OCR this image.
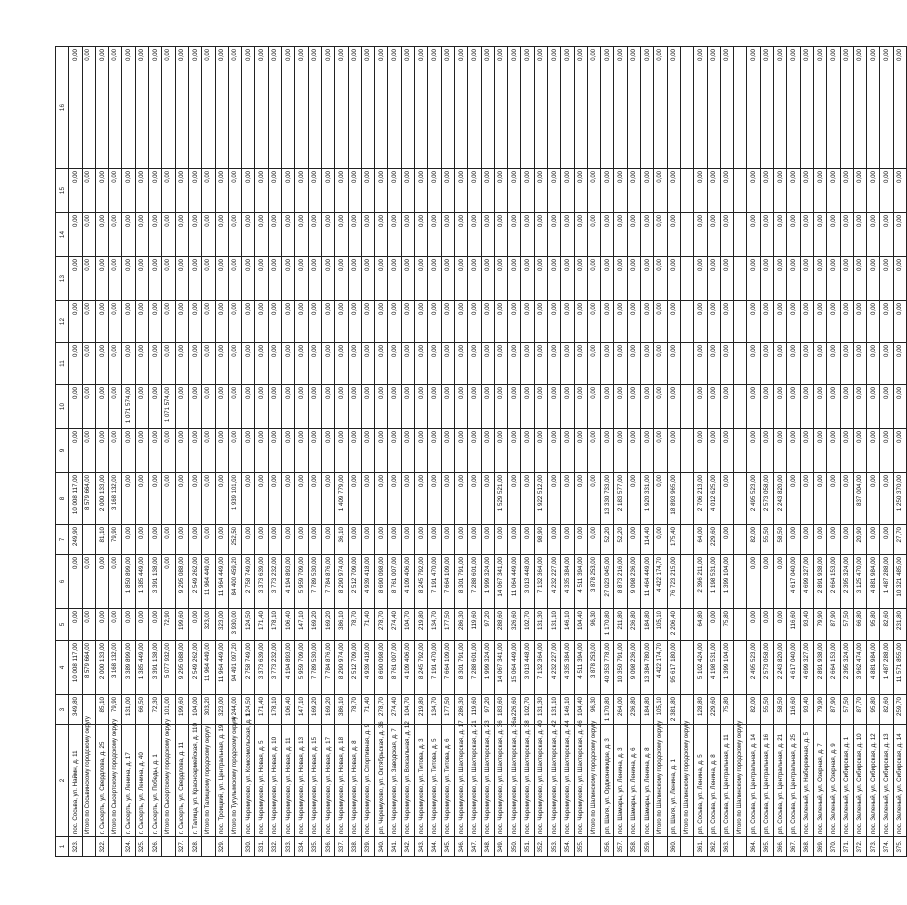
1	2	3	4	5	6	7	8	9	10	11	12	13	14	15	16
323.	пос. Сосьва, ул. Наймн, д. 11	349,80	10 008 117,00	0,00	0,00	249,90	10 008 117,00	0,00	0,00	0,00	0,00	0,00	0,00	0,00	0,00
	Итого по Сосьвинскому городскому округу		8 579 664,00	0,00	0,00		8 579 664,00	0,00	0,00	0,00	0,00	0,00	0,00	0,00	0,00
322.	г. Сысерть, ул. Свердлова, д. 25	85,10	2 000 133,00	0,00	0,00	81,10	2 000 133,00	0,00	0,00	0,00	0,00	0,00	0,00	0,00	0,00
	Итого по Сысертскому городскому округу	79,90	3 168 132,00	0,00	0,00	79,90	3 168 132,00	0,00	0,00	0,00	0,00	0,00	0,00	0,00	0,00
324.	г. Сысерть, ул. Ленина, д. 17	131,00	3 389 899,00	0,00	1 850 899,00	0,00	0,00	0,00	1 071 574,00	0,00	0,00	0,00	0,00	0,00	0,00
325.	г. Сысерть, ул. Ленина, д. 40	66,50	1 385 449,00	0,00	1 385 449,00	0,00	0,00	0,00	0,00	0,00	0,00	0,00	0,00	0,00	0,00
326.	г. Сысерть, ул. Победы, д. 1	72,30	3 391 138,00	0,00	3 391 138,00	0,00	0,00	0,00	0,00	0,00	0,00	0,00	0,00	0,00	0,00
	Итого по Сысертскому городскому округу	101,00	5 077 932,00	72,90	0,00	0,00	0,00	0,00	1 071 574,00	0,00	0,00	0,00	0,00	0,00	0,00
327.	г. Сысерть, ул. Свердлова, д. 11	199,60	9 295 088,00	199,60	9 295 088,00	0,00	0,00	0,00	0,00	0,00	0,00	0,00	0,00	0,00	0,00
328.	г. Талица, ул. Красноармейская, д. 110	104,00	2 549 262,00	0,00	2 549 262,00	0,00	0,00	0,00	0,00	0,00	0,00	0,00	0,00	0,00	0,00
	Итого по Талицкому городскому округу	303,20	11 964 449,00	323,00	11 964 449,00	0,00	0,00	0,00	0,00	0,00	0,00	0,00	0,00	0,00	0,00
329.	пос. Троицкий, ул. Центральная, д. 19	323,00	11 964 449,00	323,00	11 964 449,00	0,00	0,00	0,00	0,00	0,00	0,00	0,00	0,00	0,00	0,00
	Итого по Тугулымскому городскому округу	4 244,00	94 491 097,20	3 930,00	84 400 459,20	252,50	1 939 101,00	0,00	0,00	0,00	0,00	0,00	0,00	0,00	0,00
330.	пос. Черемухово, ул. Комсомольская, д. 1	124,50	2 758 749,00	124,50	2 758 749,00	0,00	0,00	0,00	0,00	0,00	0,00	0,00	0,00	0,00	0,00
331.	пос. Черемухово, ул. Новая, д. 5	171,40	3 373 639,00	171,40	3 373 639,00	0,00	0,00	0,00	0,00	0,00	0,00	0,00	0,00	0,00	0,00
332.	пос. Черемухово, ул. Новая, д. 10	178,10	3 773 232,00	178,10	3 773 232,00	0,00	0,00	0,00	0,00	0,00	0,00	0,00	0,00	0,00	0,00
333.	пос. Черемухово, ул. Новая, д. 11	106,40	4 194 893,00	106,40	4 194 893,00	0,00	0,00	0,00	0,00	0,00	0,00	0,00	0,00	0,00	0,00
334.	пос. Черемухово, ул. Новая, д. 13	147,10	5 959 709,00	147,10	5 959 709,00	0,00	0,00	0,00	0,00	0,00	0,00	0,00	0,00	0,00	0,00
335.	пос. Черемухово, ул. Новая, д. 15	169,20	7 789 530,00	169,20	7 789 530,00	0,00	0,00	0,00	0,00	0,00	0,00	0,00	0,00	0,00	0,00
336.	пос. Черемухово, ул. Новая, д. 17	169,20	7 784 876,00	169,20	7 784 876,00	0,00	0,00	0,00	0,00	0,00	0,00	0,00	0,00	0,00	0,00
337.	пос. Черемухово, ул. Новая, д. 18	386,10	8 290 974,00	386,10	8 290 974,00	36,10	1 409 779,00	0,00	0,00	0,00	0,00	0,00	0,00	0,00	0,00
338.	пос. Черемухово, ул. Новая, д. 8	78,70	2 512 709,00	78,70	2 512 709,00	0,00	0,00	0,00	0,00	0,00	0,00	0,00	0,00	0,00	0,00
339.	пос. Черемухово, ул. Спортивная, д. 9	71,40	4 939 418,00	71,40	4 939 418,00	0,00	0,00	0,00	0,00	0,00	0,00	0,00	0,00	0,00	0,00
340.	рп. Черемухово, ул. Октябрьская, д. 36	278,70	8 690 098,00	278,70	8 690 098,00	0,00	0,00	0,00	0,00	0,00	0,00	0,00	0,00	0,00	0,00
341.	пос. Черемухово, ул. Заводская, д. 7	274,40	8 761 007,00	274,40	8 761 007,00	0,00	0,00	0,00	0,00	0,00	0,00	0,00	0,00	0,00	0,00
342.	пос. Черемухово, ул. Вокзальная, д. 12	104,70	4 109 406,00	104,70	4 109 406,00	0,00	0,00	0,00	0,00	0,00	0,00	0,00	0,00	0,00	0,00
343.	пос. Черемухово, ул. Титова, д. 3	219,80	8 245 792,00	219,80	8 245 792,00	0,00	0,00	0,00	0,00	0,00	0,00	0,00	0,00	0,00	0,00
344.	пос. Черемухово, ул. Титова, д. 5	134,70	7 191 470,00	134,70	7 191 470,00	0,00	0,00	0,00	0,00	0,00	0,00	0,00	0,00	0,00	0,00
345.	пос. Черемухово, ул. Титова, д. 6	177,50	7 664 109,00	177,50	7 664 109,00	0,00	0,00	0,00	0,00	0,00	0,00	0,00	0,00	0,00	0,00
346.	пос. Черемухово, ул. Шахтерская, д. 17	286,30	8 301 791,00	286,30	8 301 791,00	0,00	0,00	0,00	0,00	0,00	0,00	0,00	0,00	0,00	0,00
347.	пос. Черемухово, ул. Шахтерская, д. 21	119,60	7 288 601,00	119,60	7 288 601,00	0,00	0,00	0,00	0,00	0,00	0,00	0,00	0,00	0,00	0,00
348.	пос. Черемухово, ул. Шахтерская, д. 23	97,20	1 999 324,00	97,20	1 999 324,00	0,00	0,00	0,00	0,00	0,00	0,00	0,00	0,00	0,00	0,00
349.	пос. Черемухово, ул. Шахтерская, д. 36	183,60	14 067 341,00	288,60	14 067 341,00	0,00	1 529 521,00	0,00	0,00	0,00	0,00	0,00	0,00	0,00	0,00
350.	пос. Черемухово, ул. Шахтерская, д. 36а	226,60	15 064 449,00	326,60	11 064 449,00	0,00	0,00	0,00	0,00	0,00	0,00	0,00	0,00	0,00	0,00
351.	пос. Черемухово, ул. Шахтерская, д. 38	102,70	3 013 448,00	102,70	3 013 448,00	0,00	0,00	0,00	0,00	0,00	0,00	0,00	0,00	0,00	0,00
352.	пос. Черемухово, ул. Шахтерская, д. 40	131,30	7 132 364,00	131,30	7 132 364,00	98,90	1 922 512,00	0,00	0,00	0,00	0,00	0,00	0,00	0,00	0,00
353.	пос. Черемухово, ул. Шахтерская, д. 42	131,10	4 232 227,00	131,10	4 232 227,00	0,00	0,00	0,00	0,00	0,00	0,00	0,00	0,00	0,00	0,00
354.	пос. Черемухово, ул. Шахтерская, д. 44	146,10	4 335 384,00	146,10	4 335 384,00	0,00	0,00	0,00	0,00	0,00	0,00	0,00	0,00	0,00	0,00
355.	пос. Черемухово, ул. Шахтерская, д. 46	104,40	4 511 394,00	104,40	4 511 394,00	0,00	0,00	0,00	0,00	0,00	0,00	0,00	0,00	0,00	0,00
	Итого по Шалинскому городскому округу	96,30	3 878 253,00	96,30	3 878 253,00	0,00	0,00	0,00	0,00	0,00	0,00	0,00	0,00	0,00	0,00
356.	рп. Шаля, ул. Орджоникидзе, д. 3	1 170,80	40 353 778,00	1 170,80	27 023 045,00	52,20	13 330 733,00	0,00	0,00	0,00	0,00	0,00	0,00	0,00	0,00
357.	пос. Шамары, ул. Ленина, д. 3	264,00	10 350 791,00	211,80	8 873 216,00	52,20	2 183 577,00	0,00	0,00	0,00	0,00	0,00	0,00	0,00	0,00
358.	пос. Шамары, ул. Ленина, д. 6	236,80	9 098 236,00	236,80	9 098 236,00	0,00	0,00	0,00	0,00	0,00	0,00	0,00	0,00	0,00	0,00
359.	пос. Шамары, ул. Ленина, д. 8	184,80	13 384 780,00	184,80	11 464 449,00	114,40	1 920 331,00	0,00	0,00	0,00	0,00	0,00	0,00	0,00	0,00
	Итого по Шалинскому городскому округу	105,10	4 422 174,70	105,10	4 422 174,70	0,00	0,00	0,00	0,00	0,00	0,00	0,00	0,00	0,00	0,00
360.	рп. Шаля, ул. Ленина, д. 1	2 381,80	95 617 180,00	2 206,40	76 723 215,00	175,40	18 893 965,00	0,00	0,00	0,00	0,00	0,00	0,00	0,00	0,00
	Итого по Шалинскому городскому округу														
361.	рп. Сосьва, ул. Ленина, д. 5	128,80	5 102 424,00	64,80	2 396 211,00	64,00	2 706 213,00	0,00	0,00	0,00	0,00	0,00	0,00	0,00	0,00
362.	рп. Сосьва, ул. Ленина, д. 8	229,60	4 198 531,00	0,00	1 198 531,00	229,60	4 012 625,00	0,00	0,00	0,00	0,00	0,00	0,00	0,00	0,00
363.	рп. Сосьва, ул. Центральная, д. 11	75,80	1 399 104,00	75,80	1 399 104,00	0,00	0,00	0,00	0,00	0,00	0,00	0,00	0,00	0,00	0,00
	Итого по Шалинскому городскому округу														
364.	рп. Сосьва, ул. Центральная, д. 14	82,00	2 495 523,00	0,00	0,00	82,00	2 495 523,00	0,00	0,00	0,00	0,00	0,00	0,00	0,00	0,00
365.	рп. Сосьва, ул. Центральная, д. 16	55,50	2 573 058,00	0,00	0,00	55,50	2 573 058,00	0,00	0,00	0,00	0,00	0,00	0,00	0,00	0,00
366.	рп. Сосьва, ул. Центральная, д. 21	58,50	2 243 820,00	0,00	0,00	58,50	2 243 820,00	0,00	0,00	0,00	0,00	0,00	0,00	0,00	0,00
367.	рп. Сосьва, ул. Центральная, д. 25	116,60	4 617 040,00	116,60	4 617 040,00	0,00	0,00	0,00	0,00	0,00	0,00	0,00	0,00	0,00	0,00
368.	пос. Зеленый, ул. Набережная, д. 5	93,40	4 699 327,00	93,40	4 699 327,00	0,00	0,00	0,00	0,00	0,00	0,00	0,00	0,00	0,00	0,00
369.	пос. Зеленый, ул. Озерная, д. 7	79,90	2 891 938,00	79,90	2 891 938,00	0,00	0,00	0,00	0,00	0,00	0,00	0,00	0,00	0,00	0,00
370.	пос. Зеленый, ул. Озерная, д. 9	87,90	2 664 153,00	87,90	2 664 153,00	0,00	0,00	0,00	0,00	0,00	0,00	0,00	0,00	0,00	0,00
371.	пос. Зеленый, ул. Сибирская, д. 1	57,50	2 395 324,00	57,50	2 395 324,00	0,00	0,00	0,00	0,00	0,00	0,00	0,00	0,00	0,00	0,00
372.	пос. Зеленый, ул. Сибирская, д. 10	87,70	3 962 474,00	66,80	3 125 470,00	20,90	837 004,00	0,00	0,00	0,00	0,00	0,00	0,00	0,00	0,00
373.	пос. Зеленый, ул. Сибирская, д. 12	95,80	4 881 984,00	95,80	4 881 984,00	0,00	0,00	0,00	0,00	0,00	0,00	0,00	0,00	0,00	0,00
374.	пос. Зеленый, ул. Сибирская, д. 13	82,60	1 487 288,00	82,60	1 487 288,00	0,00	0,00	0,00	0,00	0,00	0,00	0,00	0,00	0,00	0,00
375.	пос. Зеленый, ул. Сибирская, д. 14	259,70	11 571 855,00	231,80	10 321 485,00	27,70	1 250 370,00	0,00	0,00	0,00	0,00	0,00	0,00	0,00	0,00
